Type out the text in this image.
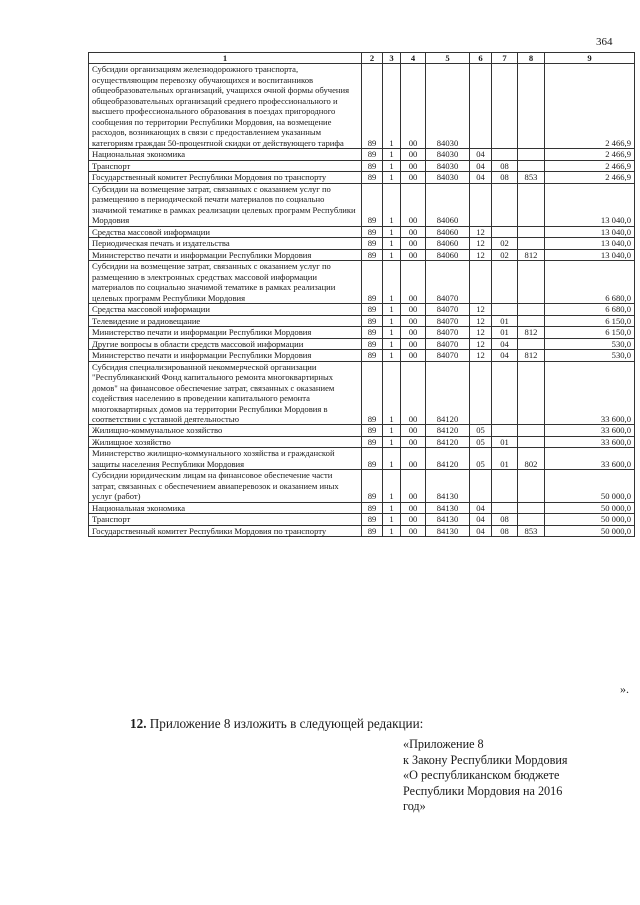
364
1	2	3	4	5	6	7	8	9
Субсидии организациям железнодорожного транспорта, осуществляющим перевозку обучающихся и воспитанников общеобразовательных организаций, учащихся очной формы обучения общеобразовательных организаций среднего профессионального и высшего профессионального образования в поездах пригородного сообщения по территории Республики Мордовия, на возмещение расходов, возникающих в связи с предоставлением указанным категориям граждан 50-процентной скидки от действующего тарифа	89	1	00	84030				2 466,9
Национальная экономика	89	1	00	84030	04			2 466,9
Транспорт	89	1	00	84030	04	08		2 466,9
Государственный комитет Республики Мордовия по транспорту	89	1	00	84030	04	08	853	2 466,9
Субсидии на возмещение затрат, связанных с оказанием услуг по размещению в периодической печати материалов по социально значимой тематике в рамках реализации целевых программ Республики Мордовия	89	1	00	84060				13 040,0
Средства массовой информации	89	1	00	84060	12			13 040,0
Периодическая печать и издательства	89	1	00	84060	12	02		13 040,0
Министерство печати и информации Республики Мордовия	89	1	00	84060	12	02	812	13 040,0
Субсидии на возмещение затрат, связанных с оказанием услуг по размещению в электронных средствах массовой информации материалов по социально значимой тематике в рамках реализации целевых программ Республики Мордовия	89	1	00	84070				6 680,0
Средства массовой информации	89	1	00	84070	12			6 680,0
Телевидение и радиовещание	89	1	00	84070	12	01		6 150,0
Министерство печати и информации Республики Мордовия	89	1	00	84070	12	01	812	6 150,0
Другие вопросы в области средств массовой информации	89	1	00	84070	12	04		530,0
Министерство печати и информации Республики Мордовия	89	1	00	84070	12	04	812	530,0
Субсидия специализированной некоммерческой организации "Республиканский Фонд капитального ремонта многоквартирных домов" на финансовое обеспечение затрат, связанных с оказанием содействия населению в проведении капитального ремонта многоквартирных домов на территории Республики Мордовия в соответствии с уставной деятельностью	89	1	00	84120				33 600,0
Жилищно-коммунальное хозяйство	89	1	00	84120	05			33 600,0
Жилищное хозяйство	89	1	00	84120	05	01		33 600,0
Министерство жилищно-коммунального хозяйства и гражданской защиты населения Республики Мордовия	89	1	00	84120	05	01	802	33 600,0
Субсидии юридическим лицам на финансовое обеспечение части затрат, связанных с обеспечением авиаперевозок и оказанием иных услуг (работ)	89	1	00	84130				50 000,0
Национальная экономика	89	1	00	84130	04			50 000,0
Транспорт	89	1	00	84130	04	08		50 000,0
Государственный комитет Республики Мордовия по транспорту	89	1	00	84130	04	08	853	50 000,0
».
12. Приложение 8 изложить в следующей редакции:
«Приложение 8
к Закону Республики Мордовия
«О республиканском бюджете
Республики Мордовия на 2016
год»
